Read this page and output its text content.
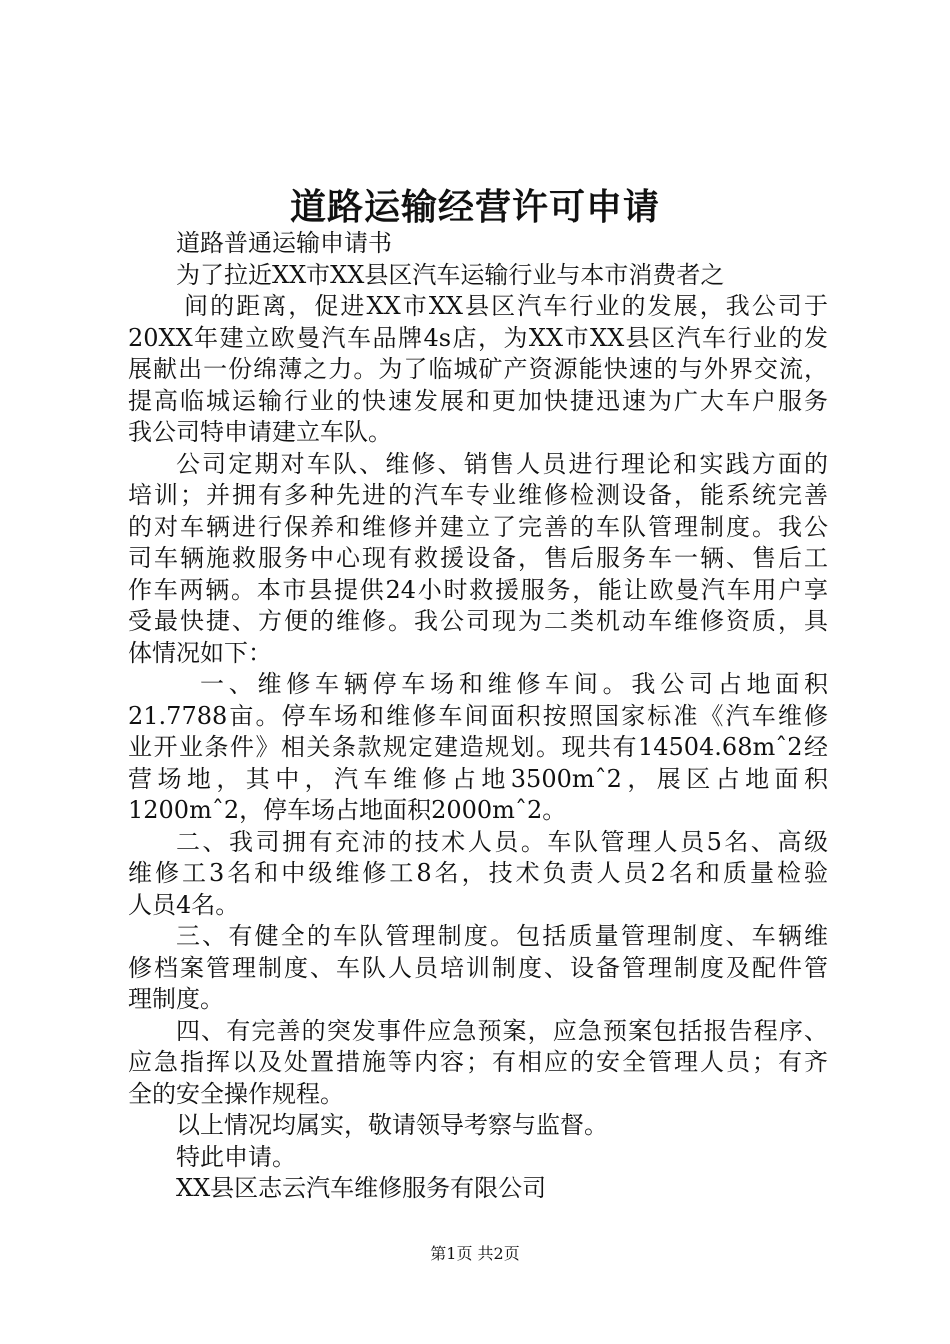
道路运输经营许可申请
道路普通运输申请书
为了拉近XX市XX县区汽车运输行业与本市消费者之
间的距离，促进XX市XX县区汽车行业的发展，我公司于
20XX年建立欧曼汽车品牌4s店，为XX市XX县区汽车行业的发
展献出一份绵薄之力。为了临城矿产资源能快速的与外界交流，
提高临城运输行业的快速发展和更加快捷迅速为广大车户服务
我公司特申请建立车队。
公司定期对车队、维修、销售人员进行理论和实践方面的
培训；并拥有多种先进的汽车专业维修检测设备，能系统完善
的对车辆进行保养和维修并建立了完善的车队管理制度。我公
司车辆施救服务中心现有救援设备，售后服务车一辆、售后工
作车两辆。本市县提供24小时救援服务，能让欧曼汽车用户享
受最快捷、方便的维修。我公司现为二类机动车维修资质，具
体情况如下：
一、维修车辆停车场和维修车间。我公司占地面积
21.7788亩。停车场和维修车间面积按照国家标准《汽车维修
业开业条件》相关条款规定建造规划。现共有14504.68mˆ2经
营场地，其中，汽车维修占地3500mˆ2，展区占地面积
1200mˆ2，停车场占地面积2000mˆ2。
二、我司拥有充沛的技术人员。车队管理人员5名、高级
维修工3名和中级维修工8名，技术负责人员2名和质量检验
人员4名。
三、有健全的车队管理制度。包括质量管理制度、车辆维
修档案管理制度、车队人员培训制度、设备管理制度及配件管
理制度。
四、有完善的突发事件应急预案，应急预案包括报告程序、
应急指挥以及处置措施等内容；有相应的安全管理人员；有齐
全的安全操作规程。
以上情况均属实，敬请领导考察与监督。
特此申请。
XX县区志云汽车维修服务有限公司
第1页 共2页
